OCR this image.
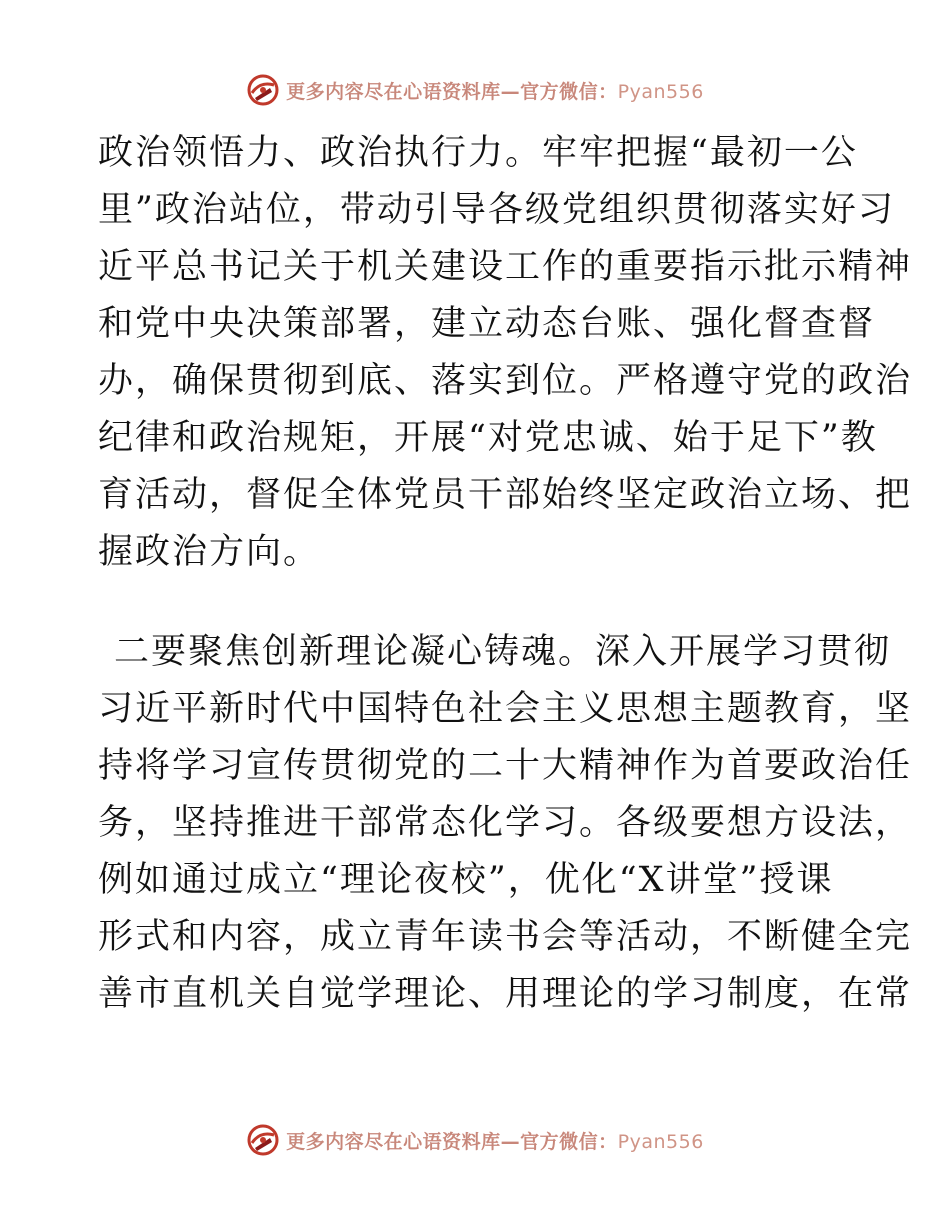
更多内容尽在心语资料库—官方微信：Pyan556

政治领悟力、政治执行力。牢牢把握“最初一公

里”政治站位，带动引导各级党组织贯彻落实好习

近平总书记关于机关建设工作的重要指示批示精神

和党中央决策部署，建立动态台账、强化督查督

办，确保贯彻到底、落实到位。严格遵守党的政治

纪律和政治规矩，开展“对党忠诚、始于足下”教

育活动，督促全体党员干部始终坚定政治立场、把

握政治方向。

二要聚焦创新理论凝心铸魂。深入开展学习贯彻

习近平新时代中国特色社会主义思想主题教育，坚

持将学习宣传贯彻党的二十大精神作为首要政治任

务，坚持推进干部常态化学习。各级要想方设法，

例如通过成立“理论夜校”，优化“X讲堂”授课

形式和内容，成立青年读书会等活动，不断健全完

善市直机关自觉学理论、用理论的学习制度，在常

更多内容尽在心语资料库—官方微信：Pyan556
